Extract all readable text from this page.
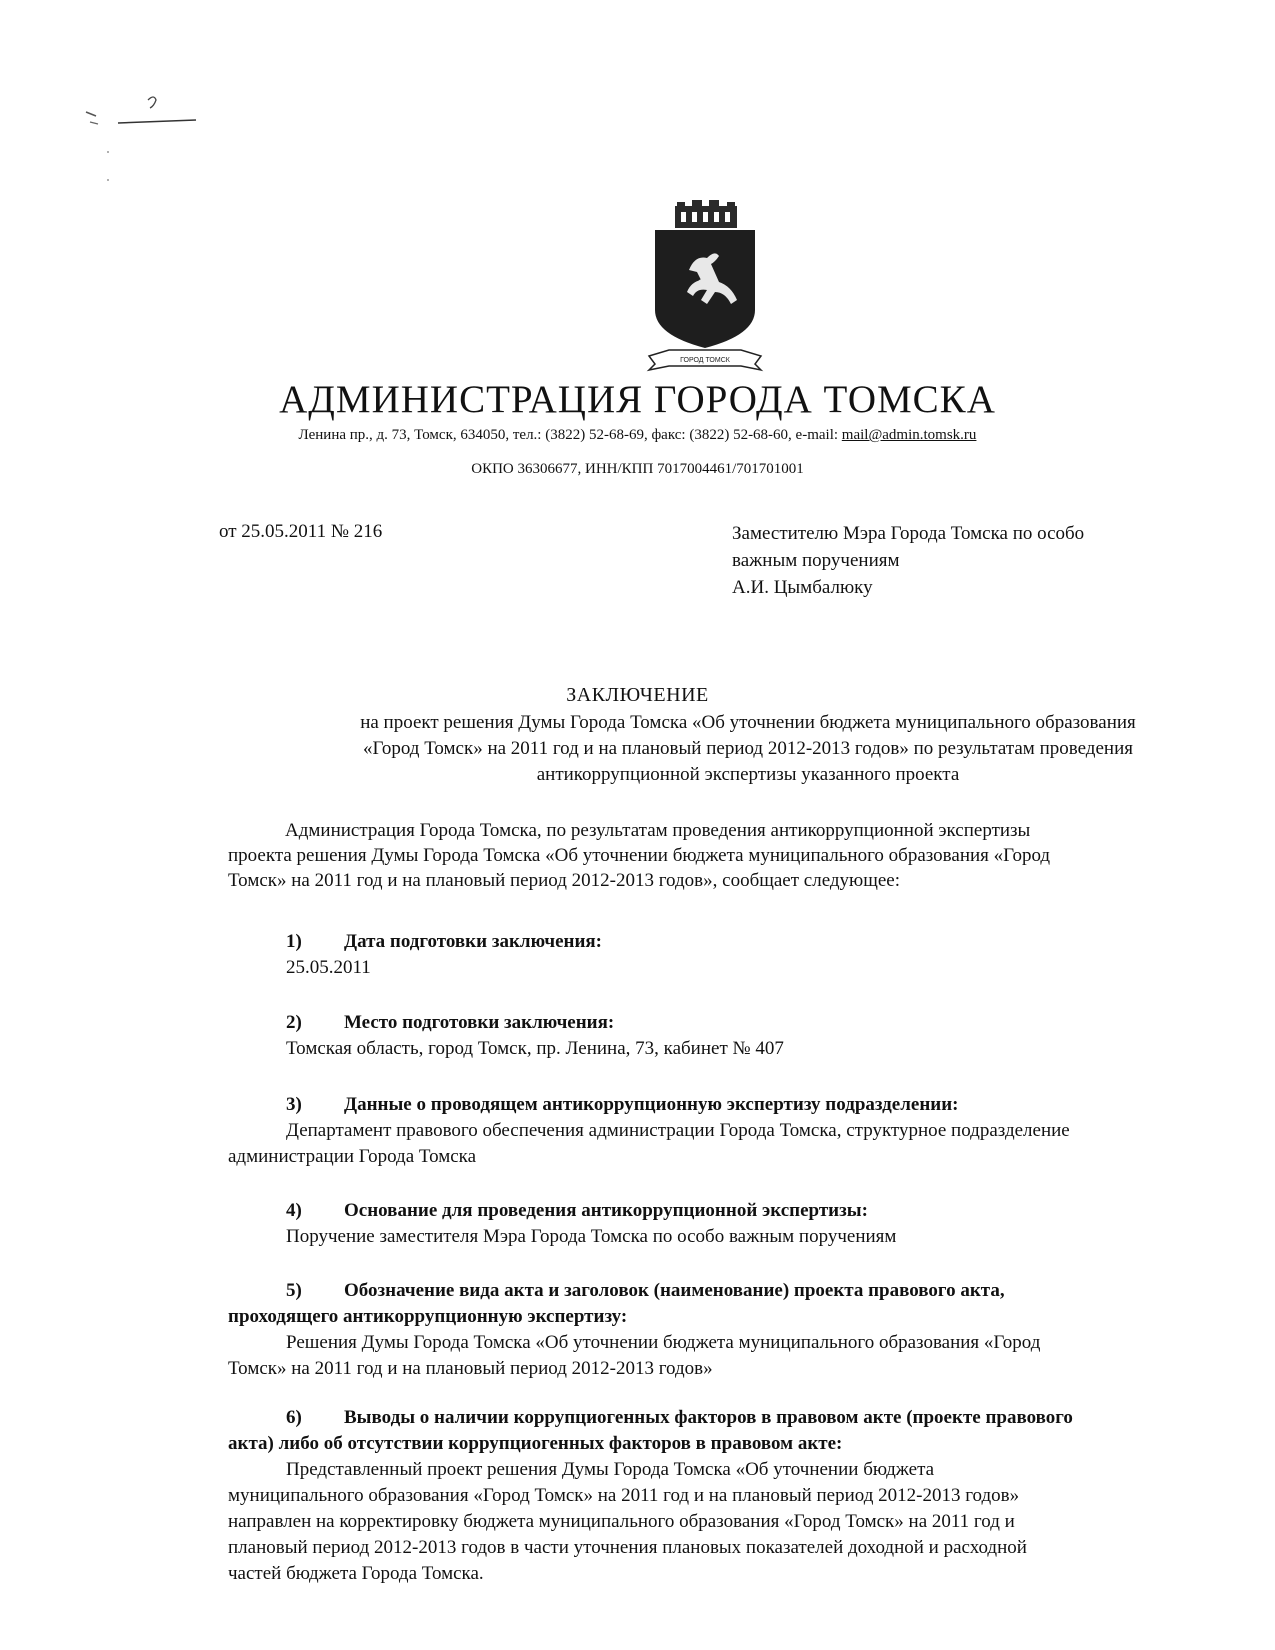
ГОРОД ТОМСК
АДМИНИСТРАЦИЯ ГОРОДА ТОМСКА
Ленина пр., д. 73, Томск, 634050, тел.: (3822) 52-68-69, факс: (3822) 52-68-60, e-mail: mail@admin.tomsk.ru
ОКПО 36306677, ИНН/КПП 7017004461/701701001
от 25.05.2011 № 216	Заместителю Мэра Города Томска по особо
важным поручениям
А.И. Цымбалюку
ЗАКЛЮЧЕНИЕ
на проект решения Думы Города Томска «Об уточнении бюджета муниципального образования
«Город Томск» на 2011 год и на плановый период 2012-2013 годов» по результатам проведения
антикоррупционной экспертизы указанного проекта
Администрация Города Томска, по результатам проведения антикоррупционной экспертизы
проекта решения Думы Города Томска «Об уточнении бюджета муниципального образования «Город
Томск» на 2011 год и на плановый период 2012-2013 годов», сообщает следующее:
1) Дата подготовки заключения:
25.05.2011
2) Место подготовки заключения:
Томская область, город Томск, пр. Ленина, 73, кабинет № 407
3) Данные о проводящем антикоррупционную экспертизу подразделении:
Департамент правового обеспечения администрации Города Томска, структурное подразделение
администрации Города Томска
4) Основание для проведения антикоррупционной экспертизы:
Поручение заместителя Мэра Города Томска по особо важным поручениям
5) Обозначение вида акта и заголовок (наименование) проекта правового акта,
проходящего антикоррупционную экспертизу:
Решения Думы Города Томска «Об уточнении бюджета муниципального образования «Город
Томск» на 2011 год и на плановый период 2012-2013 годов»
6) Выводы о наличии коррупциогенных факторов в правовом акте (проекте правового
акта) либо об отсутствии коррупциогенных факторов в правовом акте:
Представленный проект решения Думы Города Томска «Об уточнении бюджета
муниципального образования «Город Томск» на 2011 год и на плановый период 2012-2013 годов»
направлен на корректировку бюджета муниципального образования «Город Томск» на 2011 год и
плановый период 2012-2013 годов в части уточнения плановых показателей доходной и расходной
частей бюджета Города Томска.
